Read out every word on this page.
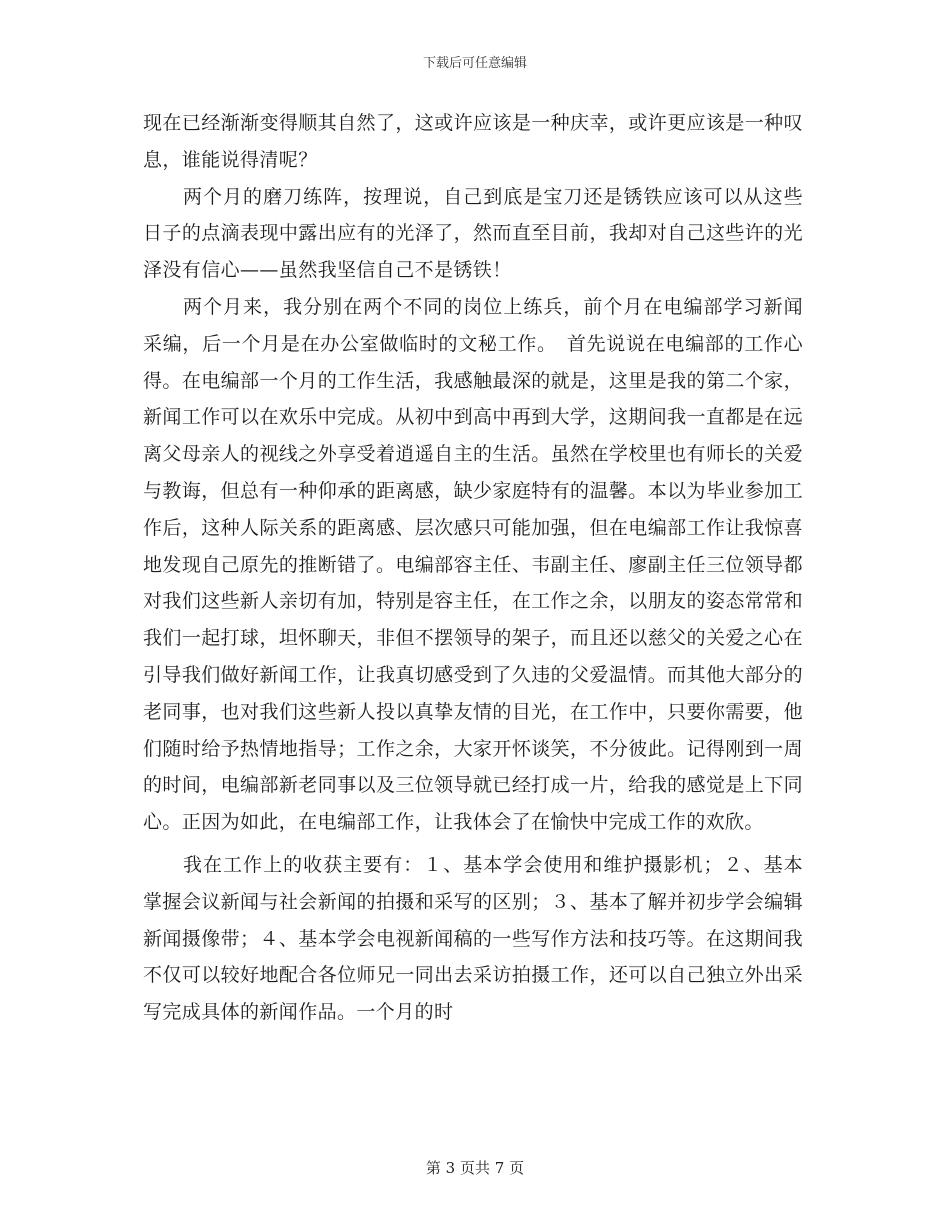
下载后可任意编辑

现在已经渐渐变得顺其自然了，这或许应该是一种庆幸，或许更应该是一种叹息，谁能说得清呢？

两个月的磨刀练阵，按理说，自己到底是宝刀还是锈铁应该可以从这些日子的点滴表现中露出应有的光泽了，然而直至目前，我却对自己这些许的光泽没有信心——虽然我坚信自己不是锈铁！

两个月来，我分别在两个不同的岗位上练兵，前个月在电编部学习新闻采编，后一个月是在办公室做临时的文秘工作。　首先说说在电编部的工作心得。在电编部一个月的工作生活，我感触最深的就是，这里是我的第二个家，新闻工作可以在欢乐中完成。从初中到高中再到大学，这期间我一直都是在远离父母亲人的视线之外享受着逍遥自主的生活。虽然在学校里也有师长的关爱与教诲，但总有一种仰承的距离感，缺少家庭特有的温馨。本以为毕业参加工作后，这种人际关系的距离感、层次感只可能加强，但在电编部工作让我惊喜地发现自己原先的推断错了。电编部容主任、韦副主任、廖副主任三位领导都对我们这些新人亲切有加，特别是容主任，在工作之余，以朋友的姿态常常和我们一起打球，坦怀聊天，非但不摆领导的架子，而且还以慈父的关爱之心在引导我们做好新闻工作，让我真切感受到了久违的父爱温情。而其他大部分的老同事，也对我们这些新人投以真挚友情的目光，在工作中，只要你需要，他们随时给予热情地指导；工作之余，大家开怀谈笑，不分彼此。记得刚到一周的时间，电编部新老同事以及三位领导就已经打成一片，给我的感觉是上下同心。正因为如此，在电编部工作，让我体会了在愉快中完成工作的欢欣。

我在工作上的收获主要有：１、基本学会使用和维护摄影机；２、基本掌握会议新闻与社会新闻的拍摄和采写的区别；３、基本了解并初步学会编辑新闻摄像带；４、基本学会电视新闻稿的一些写作方法和技巧等。在这期间我不仅可以较好地配合各位师兄一同出去采访拍摄工作，还可以自己独立外出采写完成具体的新闻作品。一个月的时

第 3 页共 7 页
